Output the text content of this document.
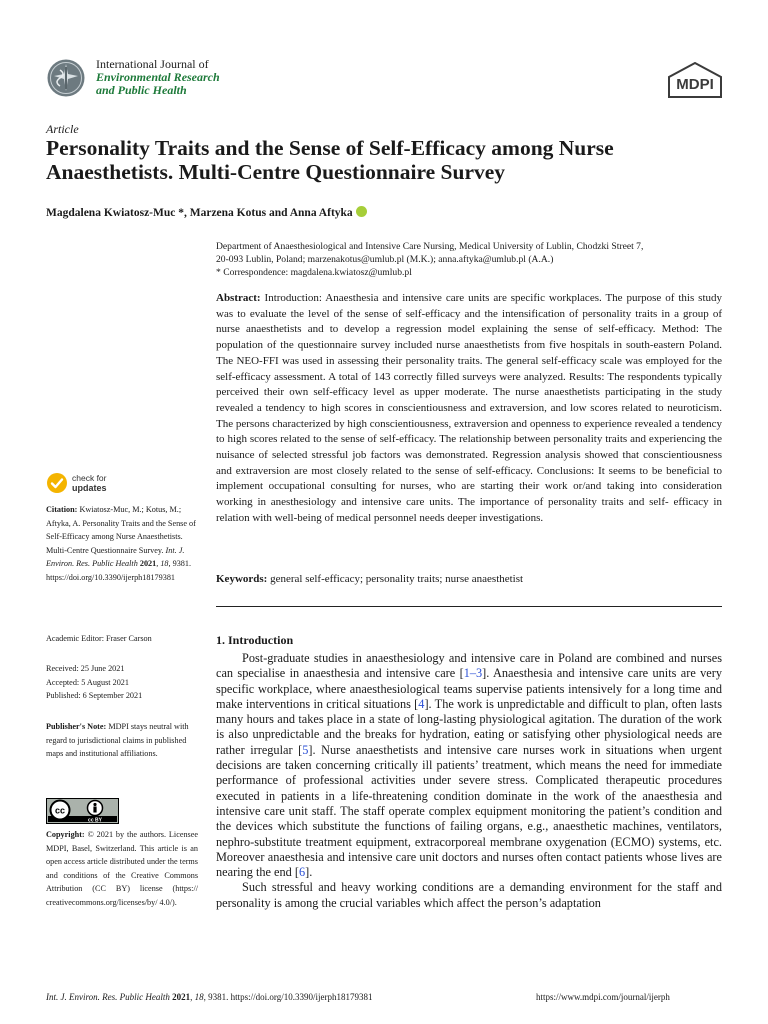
International Journal of
Environmental Research
and Public Health	MDPI
Article
Personality Traits and the Sense of Self-Efficacy among Nurse Anaesthetists. Multi-Centre Questionnaire Survey
Magdalena Kwiatosz-Muc *, Marzena Kotus and Anna Aftyka
Department of Anaesthesiological and Intensive Care Nursing, Medical University of Lublin, Chodzki Street 7,
20-093 Lublin, Poland; marzenakotus@umlub.pl (M.K.); anna.aftyka@umlub.pl (A.A.)
* Correspondence: magdalena.kwiatosz@umlub.pl

Abstract: Introduction: Anaesthesia and intensive care units are specific workplaces. The purpose of this study was to evaluate the level of the sense of self-efficacy and the intensification of personality traits in a group of nurse anaesthetists and to develop a regression model explaining the sense of self-efficacy. Method: The population of the questionnaire survey included nurse anaesthetists from five hospitals in south-eastern Poland. The NEO-FFI was used in assessing their personality traits. The general self-efficacy scale was employed for the self-efficacy assessment. A total of 143 correctly filled surveys were analyzed. Results: The respondents typically perceived their own self-efficacy level as upper moderate. The nurse anaesthetists participating in the study revealed a tendency to high scores in conscientiousness and extraversion, and low scores related to neuroticism. The persons characterized by high conscientiousness, extraversion and openness to experience revealed a tendency to high scores related to the sense of self-efficacy. The relationship between personality traits and experiencing the nuisance of selected stressful job factors was demonstrated. Regression analysis showed that conscientiousness and extraversion are most closely related to the sense of self-efficacy. Conclusions: It seems to be beneficial to implement occupational consulting for nurses, who are starting their work or/and taking into consideration working in anesthesiology and intensive care units. The importance of personality traits and self- efficacy in relation with well-being of medical personnel needs deeper investigations.

Keywords: general self-efficacy; personality traits; nurse anaesthetist
check for
updates

Citation: Kwiatosz-Muc, M.; Kotus, M.; Aftyka, A. Personality Traits and the Sense of Self-Efficacy among Nurse Anaesthetists. Multi-Centre Questionnaire Survey. Int. J. Environ. Res. Public Health 2021, 18, 9381. https://doi.org/10.3390/ijerph18179381

Academic Editor: Fraser Carson
Received: 25 June 2021
Accepted: 5 August 2021
Published: 6 September 2021

Publisher's Note: MDPI stays neutral with regard to jurisdictional claims in published maps and institutional affiliations.

cc
cc BY

Copyright: © 2021 by the authors. Licensee MDPI, Basel, Switzerland. This article is an open access article distributed under the terms and conditions of the Creative Commons Attribution (CC BY) license (https:// creativecommons.org/licenses/by/ 4.0/).

1. Introduction

Post-graduate studies in anaesthesiology and intensive care in Poland are combined and nurses can specialise in anaesthesia and intensive care [1–3]. Anaesthesia and intensive care units are very specific workplace, where anaesthesiological teams supervise patients intensively for a long time and make interventions in critical situations [4]. The work is unpredictable and difficult to plan, often lasts many hours and takes place in a state of long-lasting physiological agitation. The duration of the work is also unpredictable and the breaks for hydration, eating or satisfying other physiological needs are rather irregular [5]. Nurse anaesthetists and intensive care nurses work in situations when urgent decisions are taken concerning critically ill patients’ treatment, which means the need for immediate performance of professional activities under severe stress. Complicated therapeutic procedures executed in patients in a life-threatening condition dominate in the work of the anaesthesia and intensive care unit staff. The staff operate complex equipment monitoring the patient’s condition and the devices which substitute the functions of failing organs, e.g., anaesthetic machines, ventilators, nephro-substitute treatment equipment, extracorporeal membrane oxygenation (ECMO) systems, etc. Moreover anaesthesia and intensive care unit doctors and nurses often contact patients whose lives are nearing the end [6].

Such stressful and heavy working conditions are a demanding environment for the staff and personality is among the crucial variables which affect the person’s adaptation

Int. J. Environ. Res. Public Health 2021, 18, 9381. https://doi.org/10.3390/ijerph18179381	https://www.mdpi.com/journal/ijerph
